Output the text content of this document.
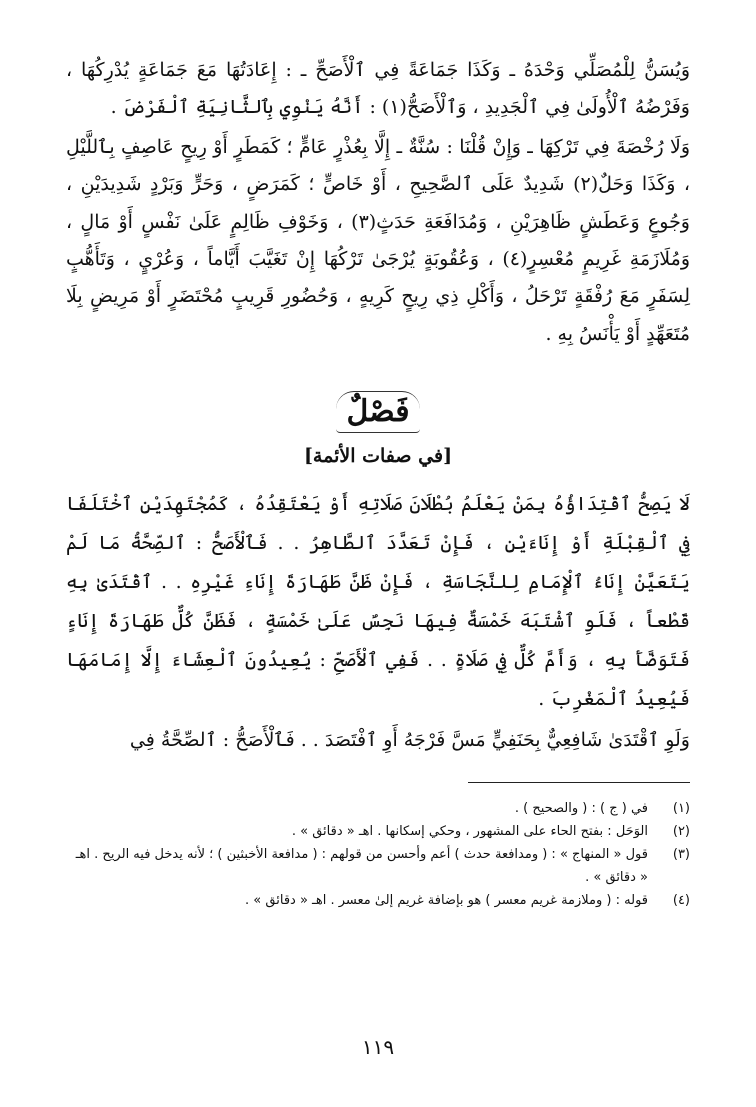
وَيُسَنُّ لِلْمُصَلِّي وَحْدَهُ ـ وَكَذَا جَمَاعَةً فِي ٱلْأَصَحِّ ـ : إِعَادَتُهَا مَعَ جَمَاعَةٍ يُدْرِكُهَا ، وَفَرْضُهُ ٱلْأُولَىٰ فِي ٱلْجَدِيدِ ، وَٱلْأَصَحُّ(١) : أَنَّهُ يَنْوِي بِٱلثَّانِيَةِ ٱلْفَرْضَ .

وَلَا رُخْصَةَ فِي تَرْكِهَا ـ وَإِنْ قُلْنَا : سُنَّةٌ ـ إِلَّا بِعُذْرٍ عَامٍّ ؛ كَمَطَرٍ أَوْ رِيحٍ عَاصِفٍ بِٱللَّيْلِ ، وَكَذَا وَحَلٌ(٢) شَدِيدٌ عَلَى ٱلصَّحِيحِ ، أَوْ خَاصٍّ ؛ كَمَرَضٍ ، وَحَرٍّ وَبَرْدٍ شَدِيدَيْنِ ، وَجُوعٍ وَعَطَشٍ ظَاهِرَيْنِ ، وَمُدَافَعَةِ حَدَثٍ(٣) ، وَخَوْفِ ظَالِمٍ عَلَىٰ نَفْسٍ أَوْ مَالٍ ، وَمُلَازَمَةِ غَرِيمٍ مُعْسِرٍ(٤) ، وَعُقُوبَةٍ يُرْجَىٰ تَرْكُهَا إِنْ تَغَيَّبَ أَيَّاماً ، وَعُرْيٍ ، وَتَأَهُّبٍ لِسَفَرٍ مَعَ رُفْقَةٍ تَرْحَلُ ، وَأَكْلِ ذِي رِيحٍ كَرِيهٍ ، وَحُضُورِ قَرِيبٍ مُحْتَضَرٍ أَوْ مَرِيضٍ بِلَا مُتَعَهِّدٍ أَوْ يَأْنَسُ بِهِ .

فَصْلٌ
[في صفات الأئمة]

لَا يَصِحُّ ٱقْتِدَاؤُهُ بِمَنْ يَعْلَمُ بُطْلَانَ صَلَاتِهِ أَوْ يَعْتَقِدُهُ ، كَمُجْتَهِدَيْنِ ٱخْتَلَفَا فِي ٱلْقِبْلَةِ أَوْ إِنَاءَيْنِ ، فَإِنْ تَعَدَّدَ ٱلطَّاهِرُ . . فَٱلْأَصَحُّ : ٱلصِّحَّةُ مَا لَمْ يَتَعَيَّنْ إِنَاءُ ٱلْإِمَامِ لِلنَّجَاسَةِ ، فَإِنْ ظَنَّ طَهَارَةَ إِنَاءِ غَيْرِهِ . . ٱقْتَدَىٰ بِهِ قَطْعاً ، فَلَوِ ٱشْتَبَهَ خَمْسَةٌ فِيهَا نَجِسٌ عَلَىٰ خَمْسَةٍ ، فَظَنَّ كُلٌّ طَهَارَةَ إِنَاءٍ فَتَوَضَّأَ بِهِ ، وَأَمَّ كُلٌّ فِي صَلَاةٍ . . فَفِي ٱلْأَصَحِّ : يُعِيدُونَ ٱلْعِشَاءَ إِلَّا إِمَامَهَا فَيُعِيدُ ٱلْمَغْرِبَ .

وَلَوِ ٱقْتَدَىٰ شَافِعِيٌّ بِحَنَفِيٍّ مَسَّ فَرْجَهُ أَوِ ٱفْتَصَدَ . . فَٱلْأَصَحُّ : ٱلصِّحَّةُ فِي

(١)
في ( ج ) : ( والصحيح ) .
(٢)
الوَحَل : بفتح الحاء على المشهور ، وحكي إسكانها . اهـ « دقائق » .
(٣)
قول « المنهاج » : ( ومدافعة حدث ) أعم وأحسن من قولهم : ( مدافعة الأخبثين ) ؛ لأنه يدخل فيه الريح . اهـ « دقائق » .
(٤)
قوله : ( وملازمة غريم معسر ) هو بإضافة غريم إلىٰ معسر . اهـ « دقائق » .
١١٩
